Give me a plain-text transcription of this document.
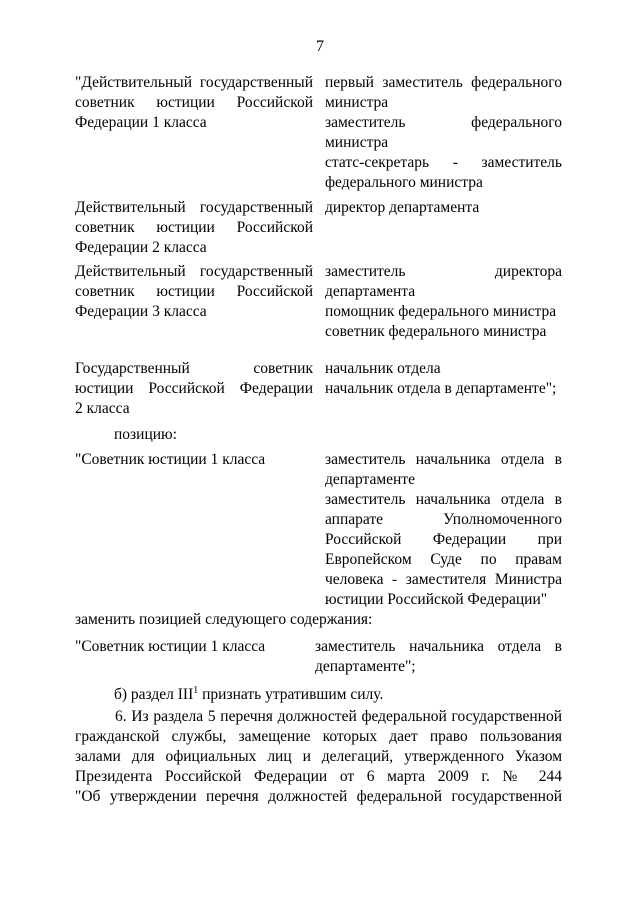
7
"Действительный государственный
советник юстиции Российской
Федерации 1 класса
первый заместитель федерального
министра
заместитель федерального
министра
статс-секретарь - заместитель
федерального министра
Действительный государственный
советник юстиции Российской
Федерации 2 класса
директор департамента
Действительный государственный
советник юстиции Российской
Федерации 3 класса
заместитель директора
департамента
помощник федерального министра
советник федерального министра
Государственный советник
юстиции Российской Федерации
2 класса
начальник отдела
начальник отдела в департаменте";
позицию:
"Советник юстиции 1 класса	заместитель начальника отдела в
департаменте
заместитель начальника отдела в
аппарате Уполномоченного
Российской Федерации при
Европейском Суде по правам
человека - заместителя Министра
юстиции Российской Федерации"
заменить позицией следующего содержания:
"Советник юстиции 1 класса	заместитель начальника отдела в
департаменте";
б) раздел III$^1$ признать утратившим силу.
6. Из раздела 5 перечня должностей федеральной государственной
гражданской службы, замещение которых дает право пользования
залами для официальных лиц и делегаций, утвержденного Указом
Президента Российской Федерации от 6 марта 2009 г. № 244
"Об утверждении перечня должностей федеральной государственной
